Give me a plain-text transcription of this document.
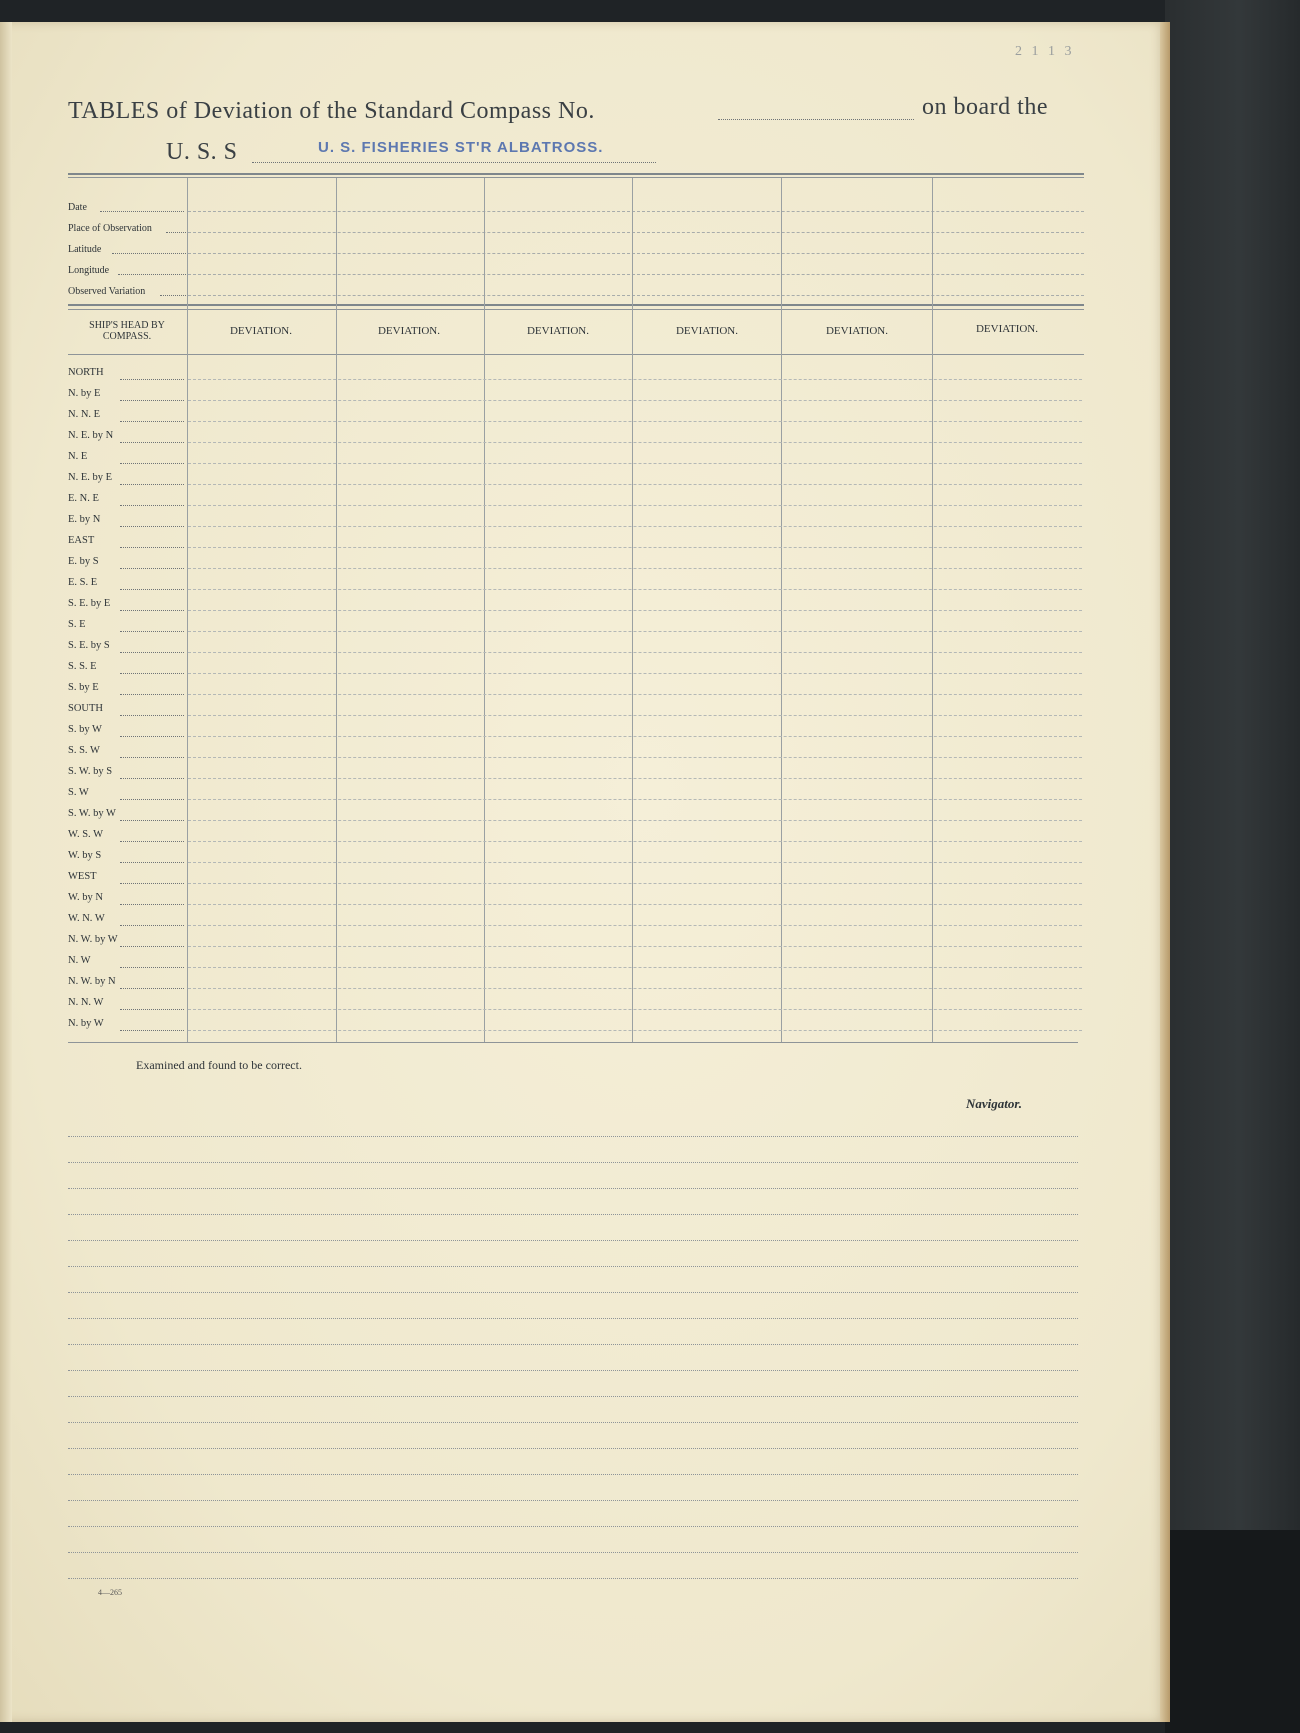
2 1 1 3
TABLES of Deviation of the Standard Compass No.	on board the
U. S. S	U. S. FISHERIES ST'R ALBATROSS.
Date
Place of Observation
Latitude
Longitude
Observed Variation
SHIP'S HEAD BY COMPASS.	DEVIATION.	DEVIATION.	DEVIATION.	DEVIATION.	DEVIATION.	DEVIATION.
NORTH
N. by E
N. N. E
N. E. by N
N. E
N. E. by E
E. N. E
E. by N
EAST
E. by S
E. S. E
S. E. by E
S. E
S. E. by S
S. S. E
S. by E
SOUTH
S. by W
S. S. W
S. W. by S
S. W
S. W. by W
W. S. W
W. by S
WEST
W. by N
W. N. W
N. W. by W
N. W
N. W. by N
N. N. W
N. by W
Examined and found to be correct.
Navigator.
4—265
